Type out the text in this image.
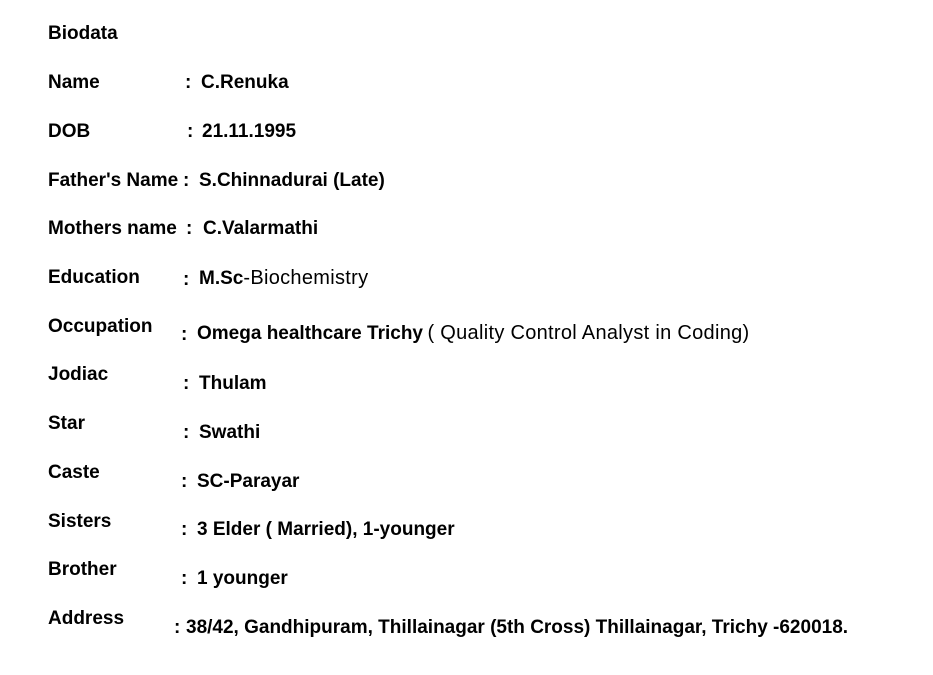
Biodata
Name	: C.Renuka
DOB	: 21.11.1995
Father's Name : S.Chinnadurai (Late)
Mothers name : C.Valarmathi
Education : M.Sc-Biochemistry
Occupation : Omega healthcare Trichy ( Quality Control Analyst in Coding)
Jodiac	: Thulam
Star	: Swathi
Caste	: SC-Parayar
Sisters	: 3 Elder ( Married), 1-younger
Brother	: 1 younger
Address	: 38/42, Gandhipuram, Thillainagar (5th Cross) Thillainagar, Trichy -620018.
